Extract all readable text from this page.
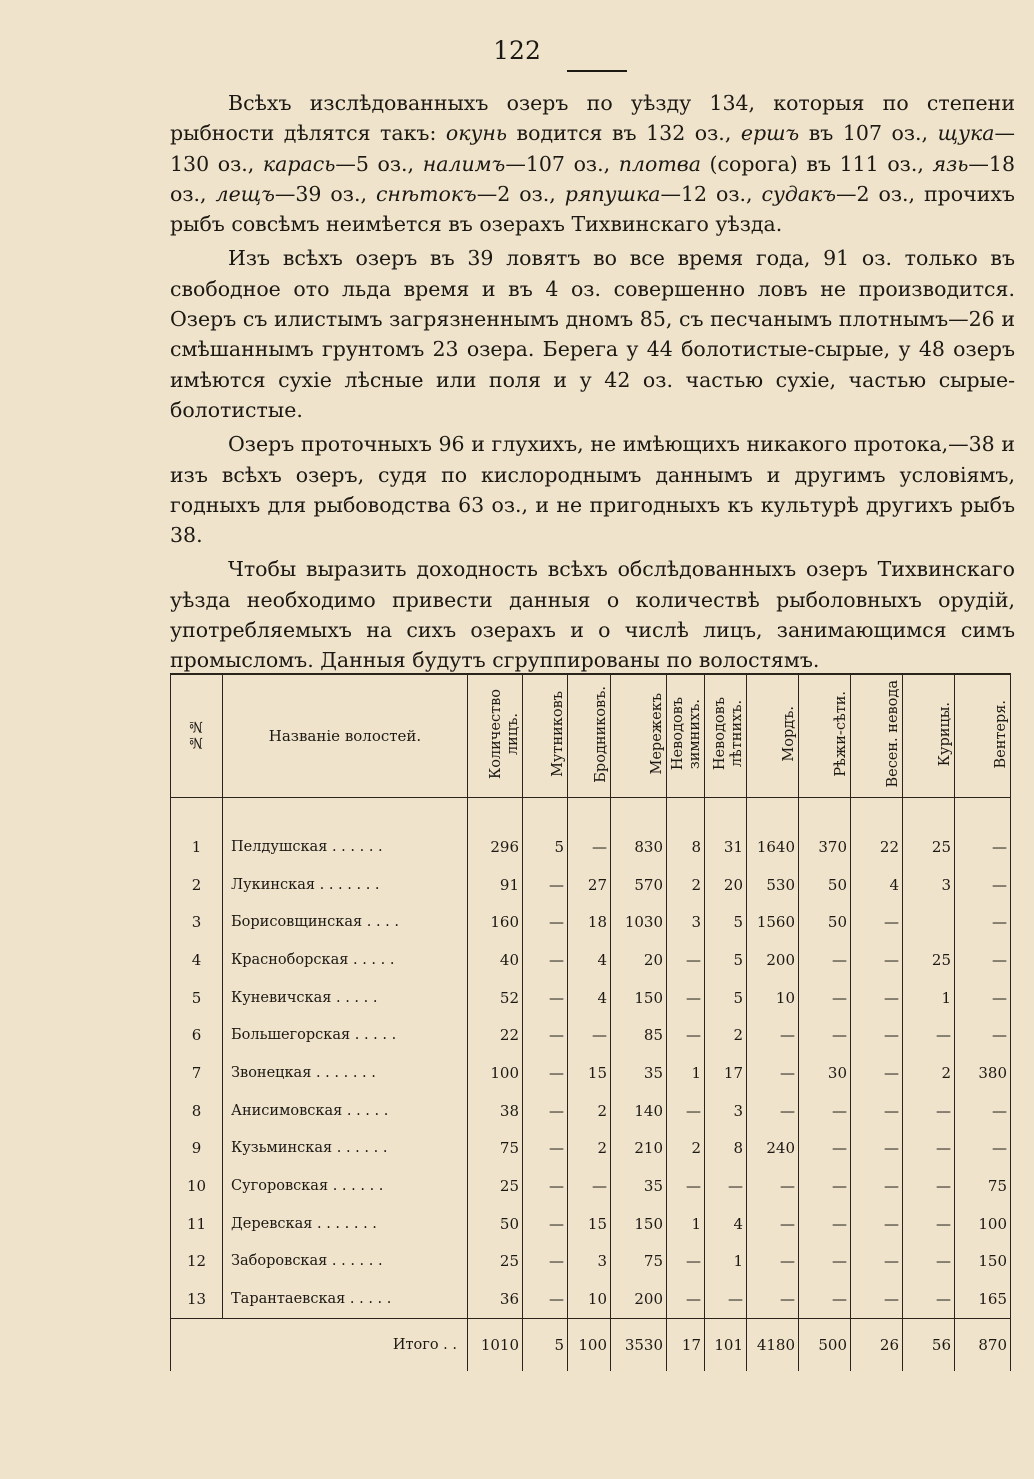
122

Всѣхъ изслѣдованныхъ озеръ по уѣзду 134, которыя по степени рыбности дѣлятся такъ: окунь водится въ 132 оз., ершъ въ 107 оз., щука—130 оз., карась—5 оз., налимъ—107 оз., плотва (сорога) въ 111 оз., язь—18 оз., лещъ—39 оз., снѣтокъ—2 оз., ряпушка—12 оз., судакъ—2 оз., прочихъ рыбъ совсѣмъ неимѣется въ озерахъ Тихвинскаго уѣзда.

Изъ всѣхъ озеръ въ 39 ловятъ во все время года, 91 оз. только въ свободное ото льда время и въ 4 оз. совершенно ловъ не производится. Озеръ съ илистымъ загрязненнымъ дномъ 85, съ песчанымъ плотнымъ—26 и смѣшаннымъ грунтомъ 23 озера. Берега у 44 болотистые-сырые, у 48 озеръ имѣются сухіе лѣсные или поля и у 42 оз. частью сухіе, частью сырые-болотистые.

Озеръ проточныхъ 96 и глухихъ, не имѣющихъ никакого протока,—38 и изъ всѣхъ озеръ, судя по кислороднымъ даннымъ и другимъ условіямъ, годныхъ для рыбоводства 63 оз., и не пригодныхъ къ культурѣ другихъ рыбъ 38.

Чтобы выразить доходность всѣхъ обслѣдованныхъ озеръ Тихвинскаго уѣзда необходимо привести данныя о количествѣ рыболовныхъ орудій, употребляемыхъ на сихъ озерахъ и о числѣ лицъ, занимающимся симъ промысломъ. Данныя будутъ сгруппированы по волостямъ.

№№	Названіе волостей.	Количество
лицъ.	Мутниковъ	Бродниковъ.	Мережекъ	Неводовъ
зимнихъ.	Неводовъ
лѣтнихъ.	Мордъ.	Рѣжи-сѣти.	Весен. невода	Курицы.	Вентеря.
1	Пелдушская . . . . . .	296	5	—	830	8	31	1640	370	22	25	—
2	Лукинская . . . . . . .	91	—	27	570	2	20	530	50	4	3	—
3	Борисовщинская . . . .	160	—	18	1030	3	5	1560	50	—		—
4	Красноборская . . . . .	40	—	4	20	—	5	200	—	—	25	—
5	Куневичская . . . . .	52	—	4	150	—	5	10	—	—	1	—
6	Большегорская . . . . .	22	—	—	85	—	2	—	—	—	—	—
7	Звонецкая . . . . . . .	100	—	15	35	1	17	—	30	—	2	380
8	Анисимовская . . . . .	38	—	2	140	—	3	—	—	—	—	—
9	Кузьминская . . . . . .	75	—	2	210	2	8	240	—	—	—	—
10	Сугоровская . . . . . .	25	—	—	35	—	—	—	—	—	—	75
11	Деревская . . . . . . .	50	—	15	150	1	4	—	—	—	—	100
12	Заборовская . . . . . .	25	—	3	75	—	1	—	—	—	—	150
13	Тарантаевская . . . . .	36	—	10	200	—	—	—	—	—	—	165
	Итого . .	1010	5	100	3530	17	101	4180	500	26	56	870
